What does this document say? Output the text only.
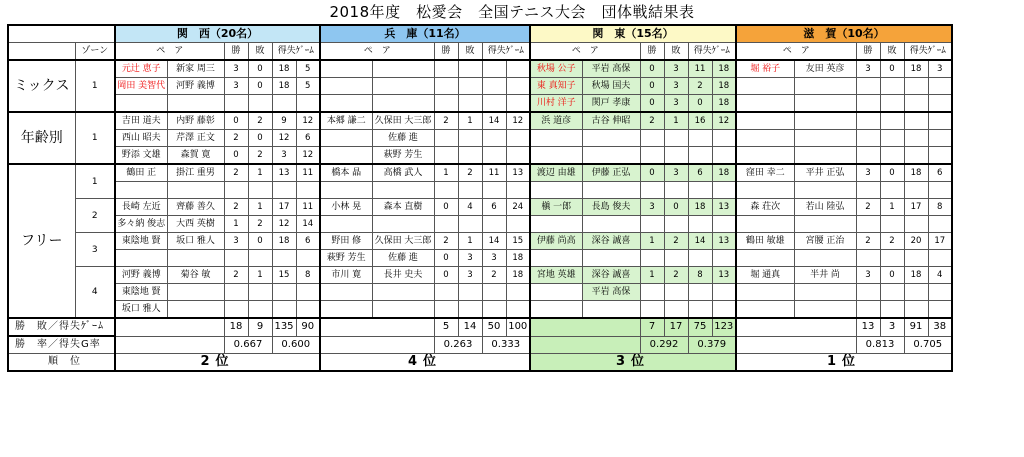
2018年度　松愛会　全国テニス大会　団体戦結果表
		関　西（20名）						兵　庫（11名）						関　東（15名）						滋　賀（10名）					
	ゾーン	ペ　ア		勝	敗	得失ｹﾞｰﾑ		ペ　ア		勝	敗	得失ｹﾞｰﾑ		ペ　ア		勝	敗	得失ｹﾞｰﾑ		ペ　ア		勝	敗	得失ｹﾞｰﾑ	
ミックス	1	元辻 恵子	新家 周三	3	0	18	5							秋場 公子	平岩 高保	0	3	11	18	堀 裕子	友田 英彦	3	0	18	3
		岡田 美智代	河野 義博	3	0	18	5							東 真知子	秋場 国夫	0	3	2	18						
														川村 洋子	関戸 孝康	0	3	0	18						
年齢別	1	吉田 道夫	内野 藤彰	0	2	9	12	本郷 謙二	久保田 大三郎	2	1	14	12	浜 道彦	古谷 伸昭	2	1	16	12						
		西山 昭夫	芹澤 正文	2	0	12	6		佐藤 進																
		野添 文雄	森賀 寛	0	2	3	12		萩野 芳生																
フリー	1	鶴田 正	掛江 重男	2	1	13	11	橋本 晶	高橋 武人	1	2	11	13	渡辺 由雄	伊藤 正弘	0	3	6	18	窪田 幸二	平井 正弘	3	0	18	6

	2	長崎 左近	齊藤 善久	2	1	17	11	小林 晃	森本 直樹	0	4	6	24	槇 一郎	長島 俊夫	3	0	18	13	森 荘次	若山 陸弘	2	1	17	8
		多々納 俊志	大西 英樹	1	2	12	14																		
	3	東陰地 賢	坂口 雅人	3	0	18	6	野田 修	久保田 大三郎	2	1	14	15	伊藤 尚高	深谷 誠喜	1	2	14	13	鶴田 敏雄	宮腰 正治	2	2	20	17
								萩野 芳生	佐藤 進	0	3	3	18												
	4	河野 義博	菊谷 敏	2	1	15	8	市川 寛	長井 史夫	0	3	2	18	宮地 英雄	深谷 誠喜	1	2	8	13	堀 通真	半井 尚	3	0	18	4
		東陰地 賢													平岩 高保										
		坂口 雅人																							
勝　敗／得失ｹﾞｰﾑ				18	9	135	90			5	14	50	100			7	17	75	123			13	3	91	38
勝　率／得失G率				0.667		0.600				0.263		0.333				0.292		0.379				0.813		0.705	
順　位		2位						4位						3位						1位					
